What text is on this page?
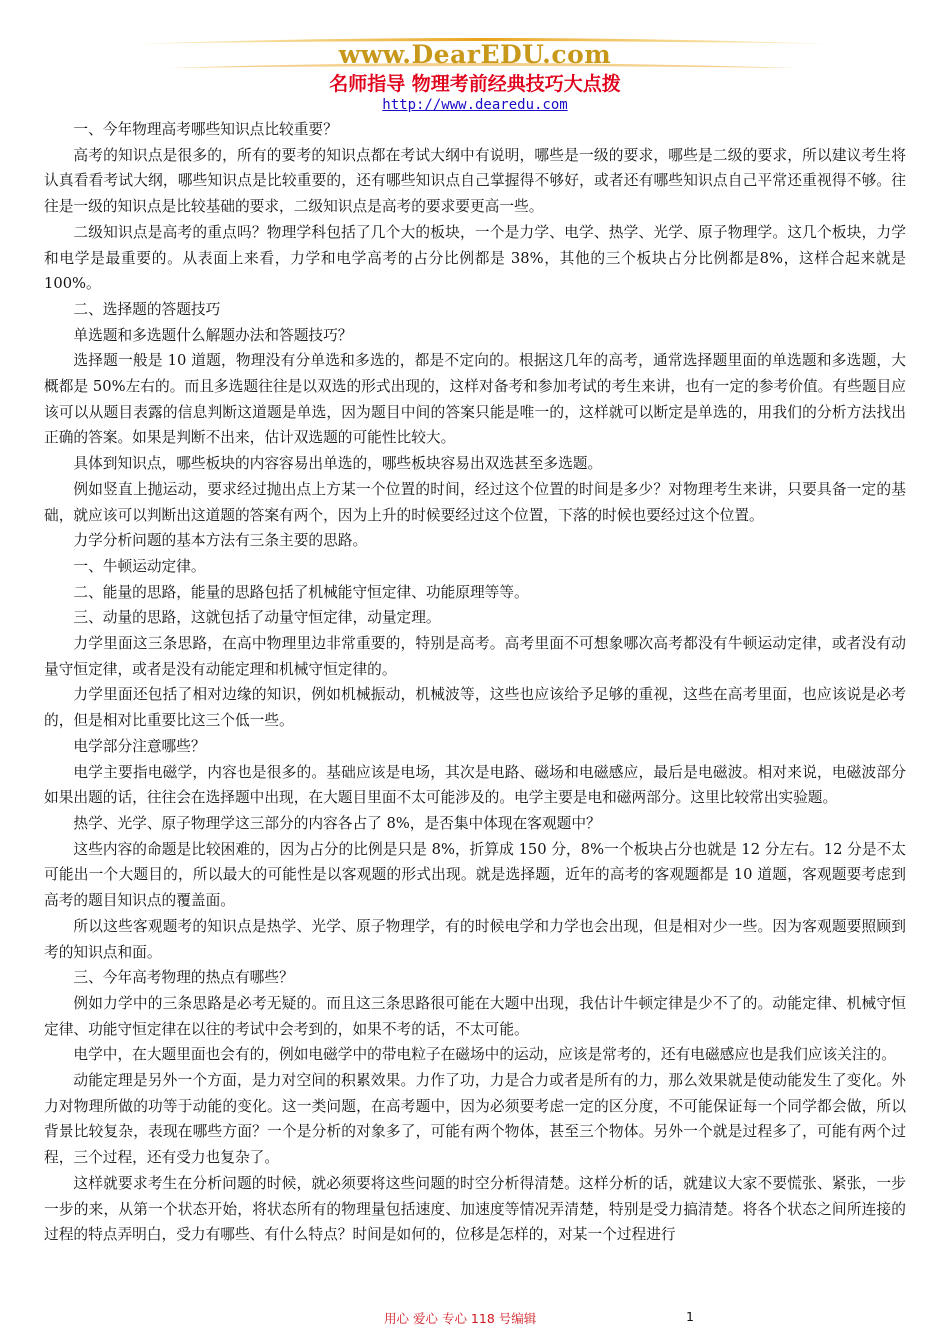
www.DearEDU.com
名师指导 物理考前经典技巧大点拨
http://www.dearedu.com

一、今年物理高考哪些知识点比较重要？

高考的知识点是很多的，所有的要考的知识点都在考试大纲中有说明，哪些是一级的要求，哪些是二级的要求，所以建议考生将认真看看考试大纲，哪些知识点是比较重要的，还有哪些知识点自己掌握得不够好，或者还有哪些知识点自己平常还重视得不够。往往是一级的知识点是比较基础的要求，二级知识点是高考的要求要更高一些。

二级知识点是高考的重点吗？物理学科包括了几个大的板块，一个是力学、电学、热学、光学、原子物理学。这几个板块，力学和电学是最重要的。从表面上来看，力学和电学高考的占分比例都是 38%，其他的三个板块占分比例都是8%，这样合起来就是 100%。

二、选择题的答题技巧

单选题和多选题什么解题办法和答题技巧？

选择题一般是 10 道题，物理没有分单选和多选的，都是不定向的。根据这几年的高考，通常选择题里面的单选题和多选题，大概都是 50%左右的。而且多选题往往是以双选的形式出现的，这样对备考和参加考试的考生来讲，也有一定的参考价值。有些题目应该可以从题目表露的信息判断这道题是单选，因为题目中间的答案只能是唯一的，这样就可以断定是单选的，用我们的分析方法找出正确的答案。如果是判断不出来，估计双选题的可能性比较大。

具体到知识点，哪些板块的内容容易出单选的，哪些板块容易出双选甚至多选题。

例如竖直上抛运动，要求经过抛出点上方某一个位置的时间，经过这个位置的时间是多少？对物理考生来讲，只要具备一定的基础，就应该可以判断出这道题的答案有两个，因为上升的时候要经过这个位置，下落的时候也要经过这个位置。

力学分析问题的基本方法有三条主要的思路。

一、牛顿运动定律。

二、能量的思路，能量的思路包括了机械能守恒定律、功能原理等等。

三、动量的思路，这就包括了动量守恒定律，动量定理。

力学里面这三条思路，在高中物理里边非常重要的，特别是高考。高考里面不可想象哪次高考都没有牛顿运动定律，或者没有动量守恒定律，或者是没有动能定理和机械守恒定律的。

力学里面还包括了相对边缘的知识，例如机械振动，机械波等，这些也应该给予足够的重视，这些在高考里面，也应该说是必考的，但是相对比重要比这三个低一些。

电学部分注意哪些？

电学主要指电磁学，内容也是很多的。基础应该是电场，其次是电路、磁场和电磁感应，最后是电磁波。相对来说，电磁波部分如果出题的话，往往会在选择题中出现，在大题目里面不太可能涉及的。电学主要是电和磁两部分。这里比较常出实验题。

热学、光学、原子物理学这三部分的内容各占了 8%，是否集中体现在客观题中？

这些内容的命题是比较困难的，因为占分的比例是只是 8%，折算成 150 分，8%一个板块占分也就是 12 分左右。12 分是不太可能出一个大题目的，所以最大的可能性是以客观题的形式出现。就是选择题，近年的高考的客观题都是 10 道题，客观题要考虑到高考的题目知识点的覆盖面。

所以这些客观题考的知识点是热学、光学、原子物理学，有的时候电学和力学也会出现，但是相对少一些。因为客观题要照顾到考的知识点和面。

三、今年高考物理的热点有哪些？

例如力学中的三条思路是必考无疑的。而且这三条思路很可能在大题中出现，我估计牛顿定律是少不了的。动能定律、机械守恒定律、功能守恒定律在以往的考试中会考到的，如果不考的话，不太可能。

电学中，在大题里面也会有的，例如电磁学中的带电粒子在磁场中的运动，应该是常考的，还有电磁感应也是我们应该关注的。

动能定理是另外一个方面，是力对空间的积累效果。力作了功，力是合力或者是所有的力，那么效果就是使动能发生了变化。外力对物理所做的功等于动能的变化。这一类问题，在高考题中，因为必须要考虑一定的区分度，不可能保证每一个同学都会做，所以背景比较复杂，表现在哪些方面？一个是分析的对象多了，可能有两个物体，甚至三个物体。另外一个就是过程多了，可能有两个过程，三个过程，还有受力也复杂了。

这样就要求考生在分析问题的时候，就必须要将这些问题的时空分析得清楚。这样分析的话，就建议大家不要慌张、紧张，一步一步的来，从第一个状态开始，将状态所有的物理量包括速度、加速度等情况弄清楚，特别是受力搞清楚。将各个状态之间所连接的过程的特点弄明白，受力有哪些、有什么特点？时间是如何的，位移是怎样的，对某一个过程进行

用心 爱心 专心 118 号编辑	1
